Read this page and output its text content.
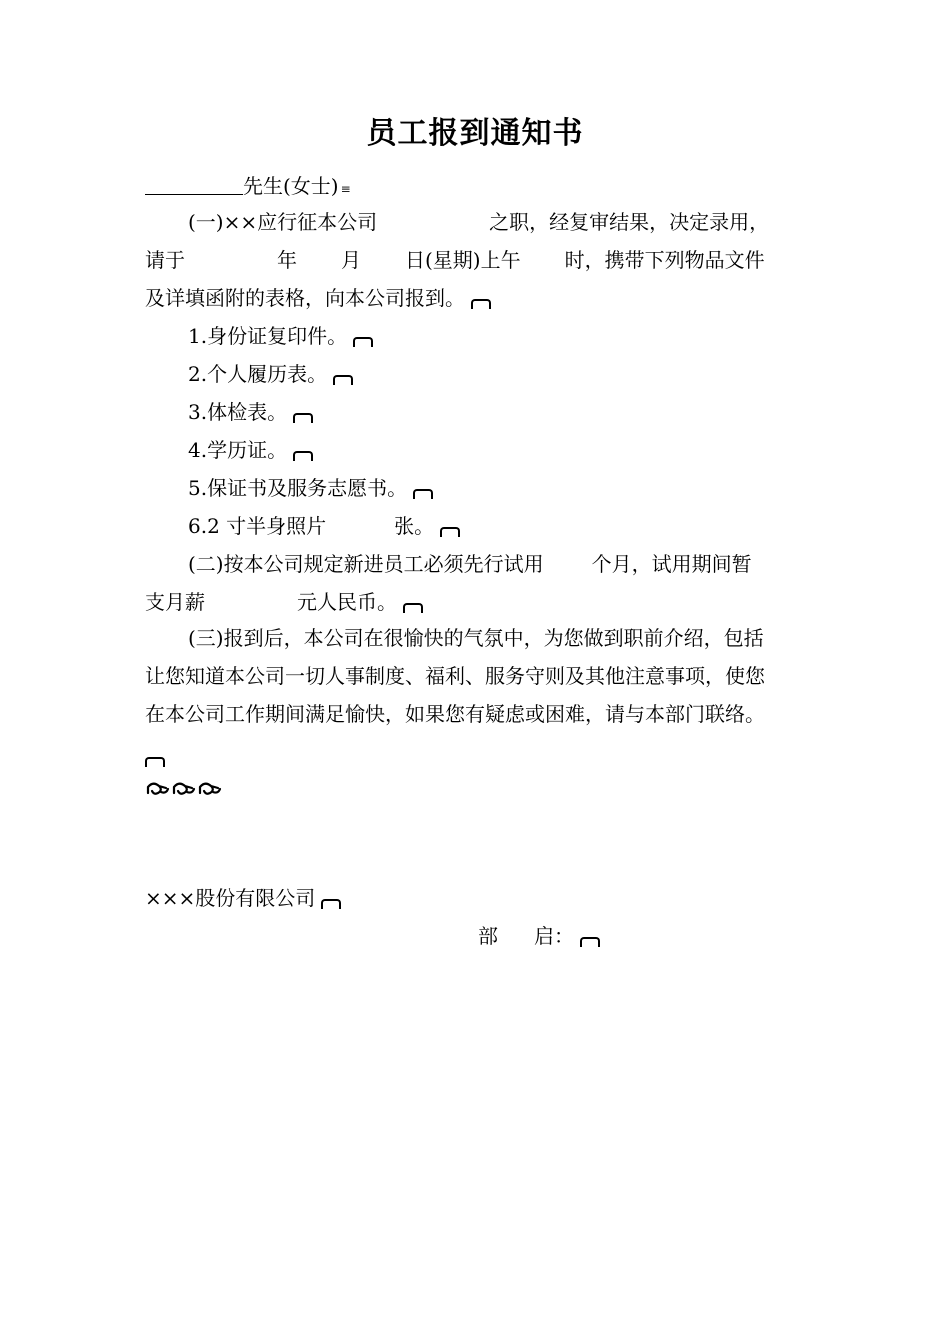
员工报到通知书
先生(女士) ≡
(一)××应行征本公司	之职，经复审结果，决定录用，
请于	年 月 日(星期)上午 时，携带下列物品文件
及详填函附的表格，向本公司报到。
1.身份证复印件。
2.个人履历表。
3.体检表。
4.学历证。
5.保证书及服务志愿书。
6.2 寸半身照片	张。
(二)按本公司规定新进员工必须先行试用 个月，试用期间暂
支月薪	元人民币。
(三)报到后，本公司在很愉快的气氛中，为您做到职前介绍，包括
让您知道本公司一切人事制度、福利、服务守则及其他注意事项，使您
在本公司工作期间满足愉快，如果您有疑虑或困难，请与本部门联络。
×××股份有限公司
部 启：
